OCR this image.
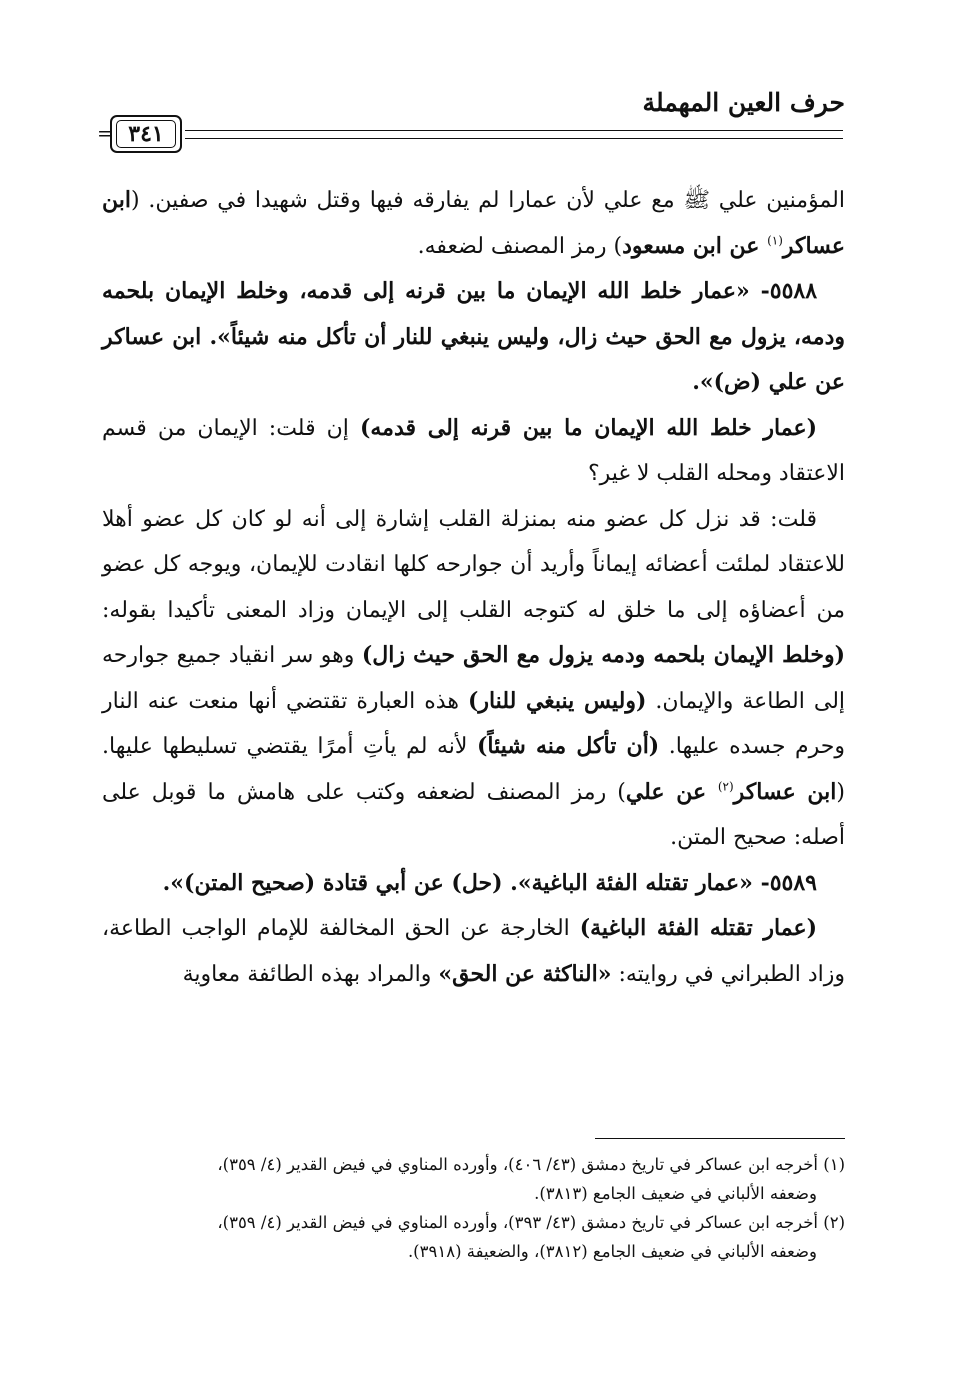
حرف العين المهملة
٣٤١
=

المؤمنين علي ﷺ مع علي لأن عمارا لم يفارقه فيها وقتل شهيدا في صفين. (ابن عساكر$^{(١)}$ عن ابن مسعود) رمز المصنف لضعفه.

٥٥٨٨- «عمار خلط الله الإيمان ما بين قرنه إلى قدمه، وخلط الإيمان بلحمه ودمه، يزول مع الحق حيث زال، وليس ينبغي للنار أن تأكل منه شيئاً». ابن عساكر عن علي (ض)».

(عمار خلط الله الإيمان ما بين قرنه إلى قدمه) إن قلت: الإيمان من قسم الاعتقاد ومحله القلب لا غير؟

قلت: قد نزل كل عضو منه بمنزلة القلب إشارة إلى أنه لو كان كل عضو أهلا للاعتقاد لملئت أعضائه إيماناً وأريد أن جوارحه كلها انقادت للإيمان، ويوجه كل عضو من أعضاؤه إلى ما خلق له كتوجه القلب إلى الإيمان وزاد المعنى تأكيدا بقوله: (وخلط الإيمان بلحمه ودمه يزول مع الحق حيث زال) وهو سر انقياد جميع جوارحه إلى الطاعة والإيمان. (وليس ينبغي للنار) هذه العبارة تقتضي أنها منعت عنه النار وحرم جسده عليها. (أن تأكل منه شيئاً) لأنه لم يأتِ أمرًا يقتضي تسليطها عليها. (ابن عساكر$^{(٢)}$ عن علي) رمز المصنف لضعفه وكتب على هامش ما قوبل على أصله: صحيح المتن.

٥٥٨٩- «عمار تقتله الفئة الباغية». (حل) عن أبي قتادة (صحيح المتن)».

(عمار تقتله الفئة الباغية) الخارجة عن الحق المخالفة للإمام الواجب الطاعة، وزاد الطبراني في روايته: «الناكثة عن الحق» والمراد بهذه الطائفة معاوية

(١) أخرجه ابن عساكر في تاريخ دمشق (٤٣/ ٤٠٦)، وأورده المناوي في فيض القدير (٤/ ٣٥٩)،

وضعفه الألباني في ضعيف الجامع (٣٨١٣).

(٢) أخرجه ابن عساكر في تاريخ دمشق (٤٣/ ٣٩٣)، وأورده المناوي في فيض القدير (٤/ ٣٥٩)،

وضعفه الألباني في ضعيف الجامع (٣٨١٢)، والضعيفة (٣٩١٨).
